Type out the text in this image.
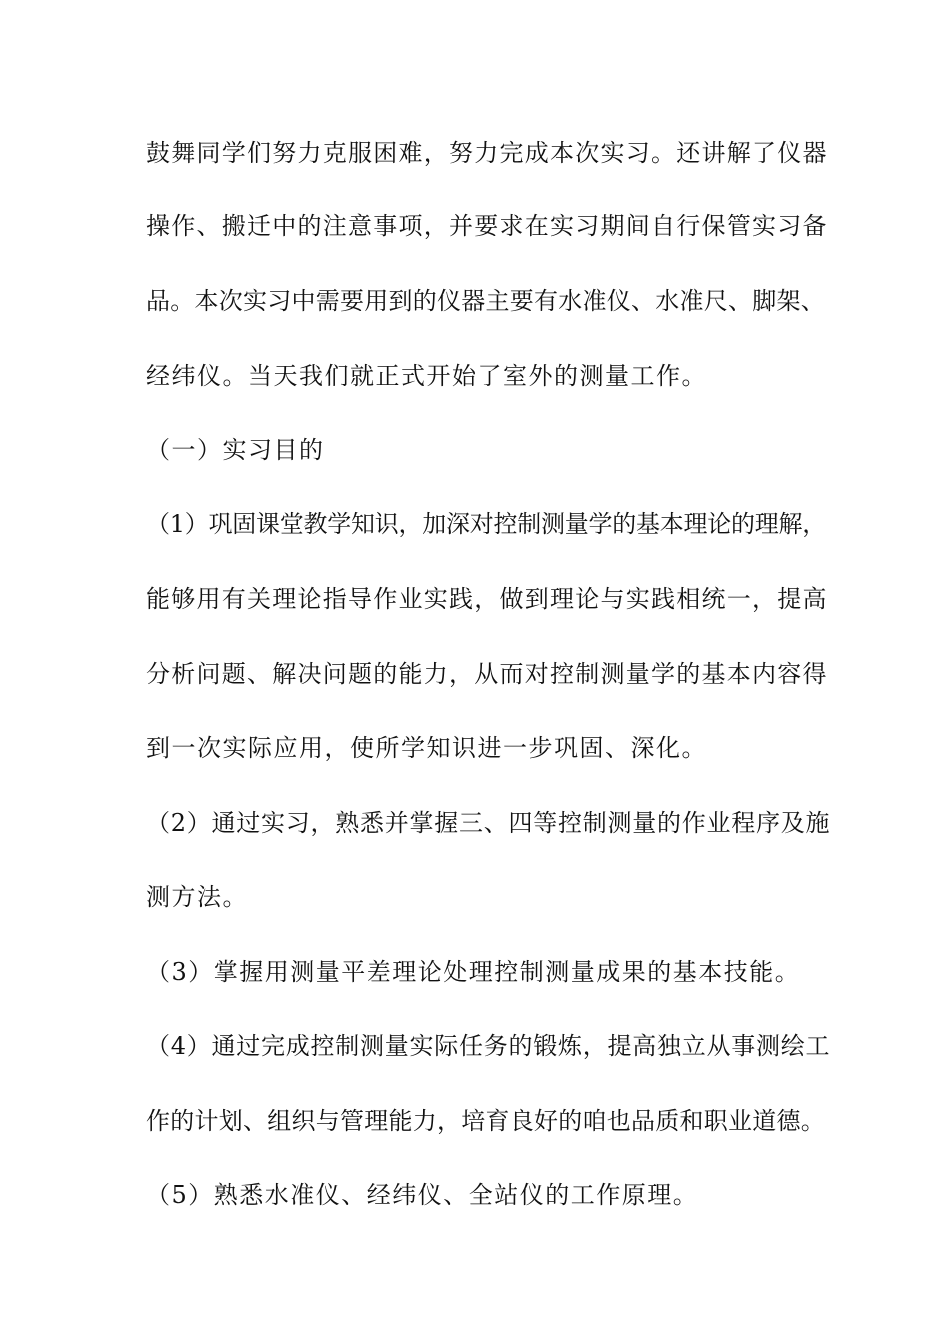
鼓舞同学们努力克服困难，努力完成本次实习。还讲解了仪器
操作、搬迁中的注意事项，并要求在实习期间自行保管实习备
品。本次实习中需要用到的仪器主要有水准仪、水准尺、脚架、
经纬仪。当天我们就正式开始了室外的测量工作。
（一）实习目的
（1）巩固课堂教学知识，加深对控制测量学的基本理论的理解，
能够用有关理论指导作业实践，做到理论与实践相统一，提高
分析问题、解决问题的能力，从而对控制测量学的基本内容得
到一次实际应用，使所学知识进一步巩固、深化。
（2）通过实习，熟悉并掌握三、四等控制测量的作业程序及施
测方法。
（3）掌握用测量平差理论处理控制测量成果的基本技能。
（4）通过完成控制测量实际任务的锻炼，提高独立从事测绘工
作的计划、组织与管理能力，培育良好的咱也品质和职业道德。
（5）熟悉水准仪、经纬仪、全站仪的工作原理。
